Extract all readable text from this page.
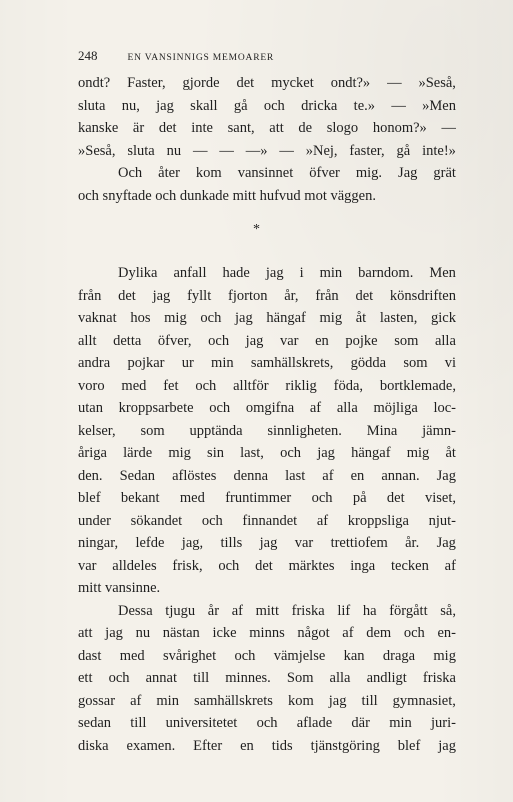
248	EN VANSINNIGS MEMOARER
ondt? Faster, gjorde det mycket ondt?» — »Seså,
sluta nu, jag skall gå och dricka te.» — »Men
kanske är det inte sant, att de slogo honom?» —
»Seså, sluta nu — — —» — »Nej, faster, gå inte!»
Och åter kom vansinnet öfver mig. Jag grät
och snyftade och dunkade mitt hufvud mot väggen.
*
Dylika anfall hade jag i min barndom. Men
från det jag fyllt fjorton år, från det könsdriften
vaknat hos mig och jag hängaf mig åt lasten, gick
allt detta öfver, och jag var en pojke som alla
andra pojkar ur min samhällskrets, gödda som vi
voro med fet och alltför riklig föda, bortklemade,
utan kroppsarbete och omgifna af alla möjliga loc-
kelser, som upptända sinnligheten. Mina jämn-
åriga lärde mig sin last, och jag hängaf mig åt
den. Sedan aflöstes denna last af en annan. Jag
blef bekant med fruntimmer och på det viset,
under sökandet och finnandet af kroppsliga njut-
ningar, lefde jag, tills jag var trettiofem år. Jag
var alldeles frisk, och det märktes inga tecken af
mitt vansinne.
Dessa tjugu år af mitt friska lif ha förgått så,
att jag nu nästan icke minns något af dem och en-
dast med svårighet och vämjelse kan draga mig
ett och annat till minnes. Som alla andligt friska
gossar af min samhällskrets kom jag till gymnasiet,
sedan till universitetet och aflade där min juri-
diska examen. Efter en tids tjänstgöring blef jag
